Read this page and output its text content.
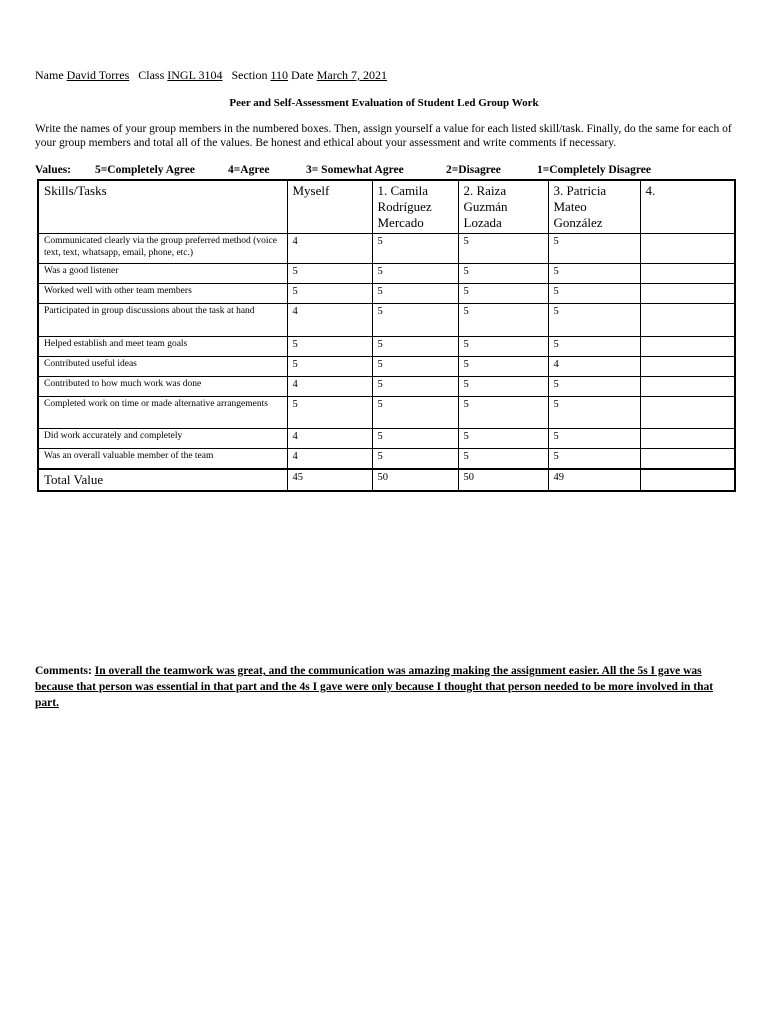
Name David Torres Class INGL 3104 Section 110 Date March 7, 2021
Peer and Self-Assessment Evaluation of Student Led Group Work
Write the names of your group members in the numbered boxes. Then, assign yourself a value for each listed skill/task. Finally, do the same for each of your group members and total all of the values. Be honest and ethical about your assessment and write comments if necessary.
Values: 5=Completely Agree	4=Agree	3= Somewhat Agree	2=Disagree	1=Completely Disagree
Skills/Tasks	Myself	1. Camila Rodríguez Mercado	2. Raiza Guzmán Lozada	3. Patricia Mateo González	4.
Communicated clearly via the group preferred method (voice text, text, whatsapp, email, phone, etc.)	4	5	5	5	
Was a good listener	5	5	5	5	
Worked well with other team members	5	5	5	5	
Participated in group discussions about the task at hand	4	5	5	5	
Helped establish and meet team goals	5	5	5	5	
Contributed useful ideas	5	5	5	4	
Contributed to how much work was done	4	5	5	5	
Completed work on time or made alternative arrangements	5	5	5	5	
Did work accurately and completely	4	5	5	5	
Was an overall valuable member of the team	4	5	5	5	
Total Value	45	50	50	49	
Comments: In overall the teamwork was great, and the communication was amazing making the assignment easier. All the 5s I gave was because that person was essential in that part and the 4s I gave were only because I thought that person needed to be more involved in that part.
